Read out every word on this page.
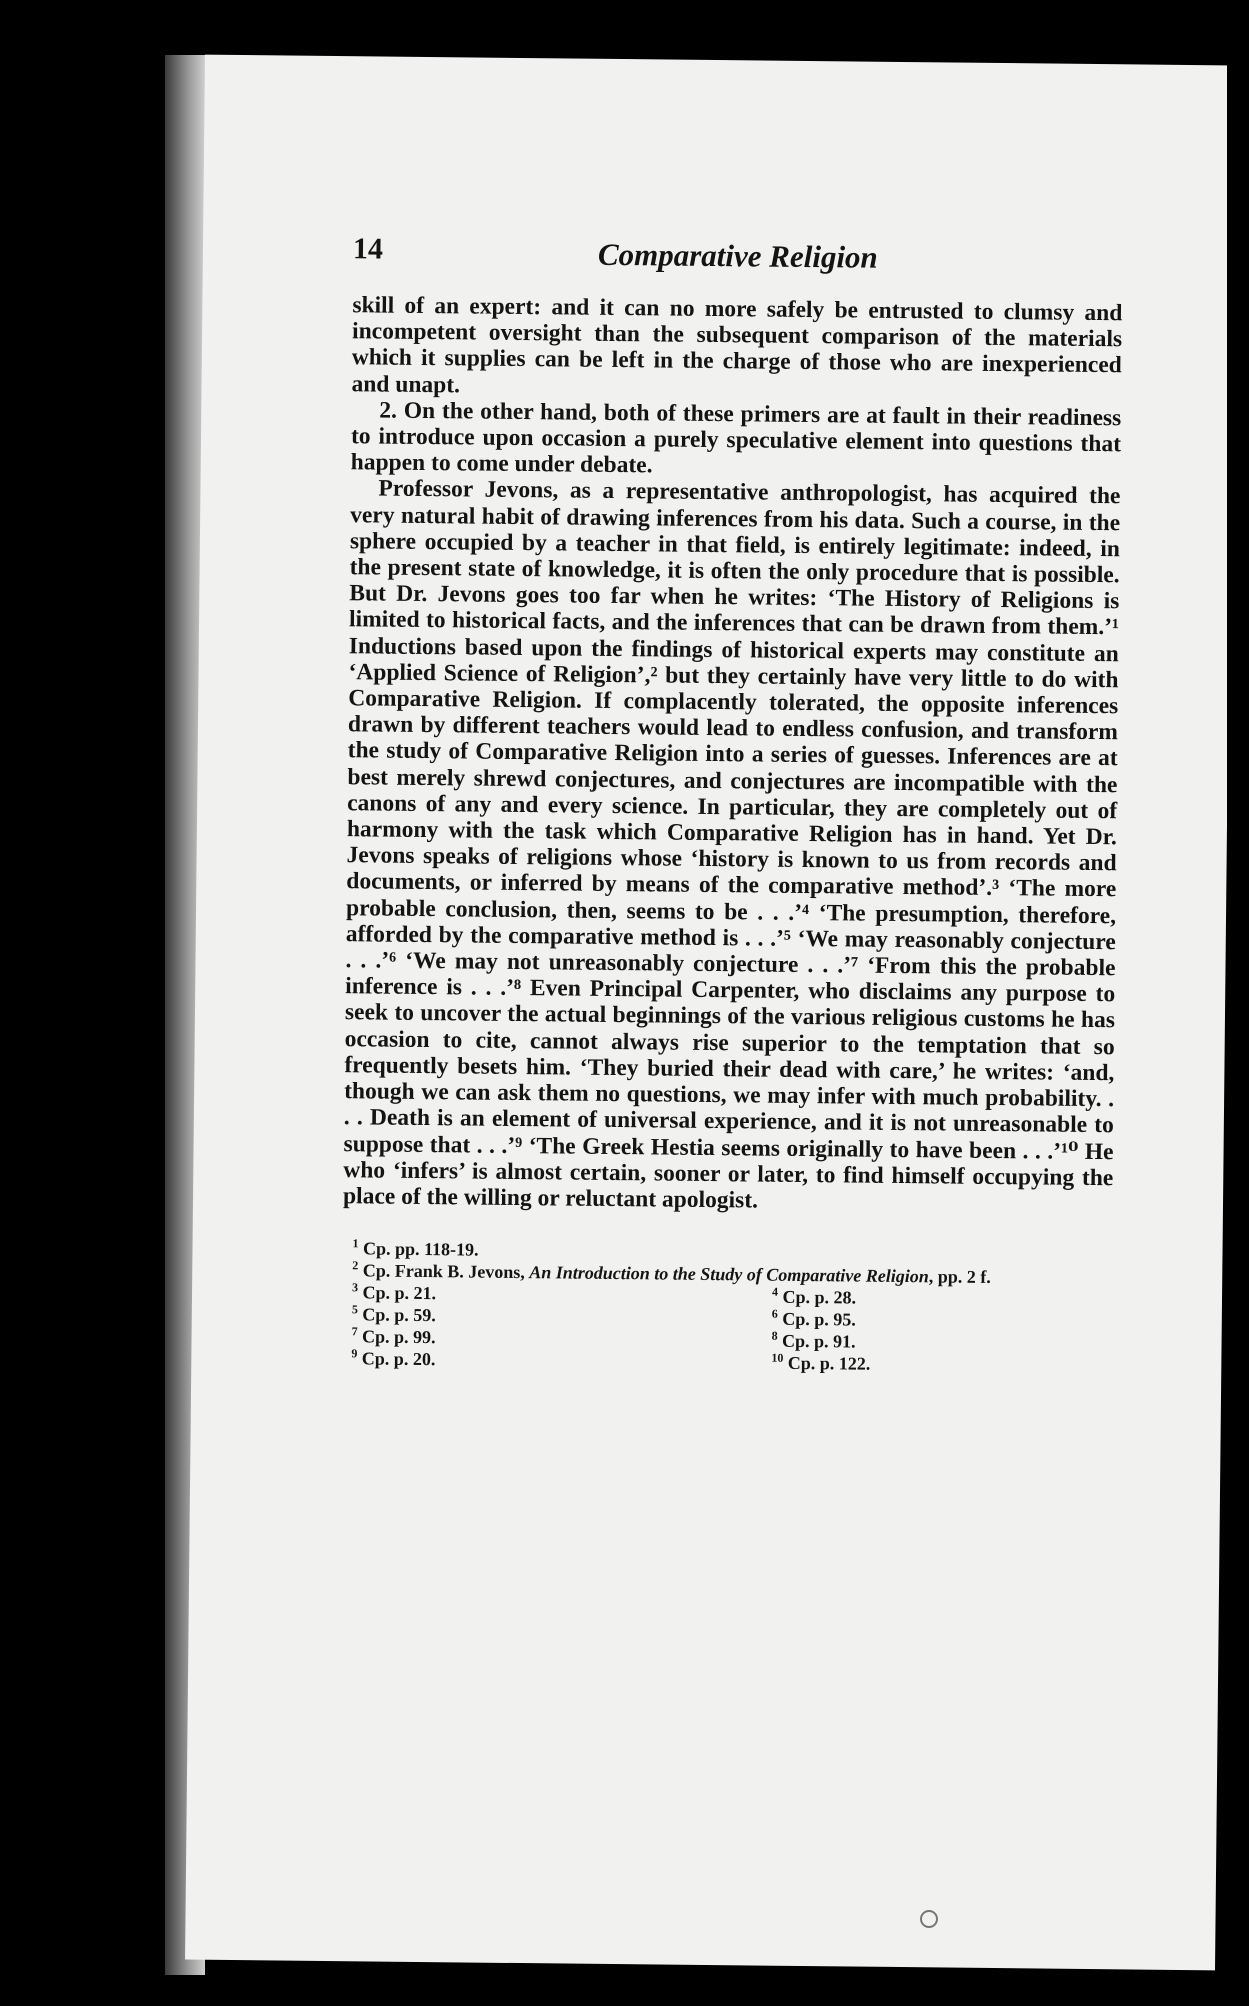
14	Comparative Religion

skill of an expert: and it can no more safely be entrusted to clumsy and incompetent oversight than the subsequent comparison of the materials which it supplies can be left in the charge of those who are inexperienced and unapt.

2. On the other hand, both of these primers are at fault in their readiness to introduce upon occasion a purely speculative element into questions that happen to come under debate.

Professor Jevons, as a representative anthropologist, has acquired the very natural habit of drawing inferences from his data. Such a course, in the sphere occupied by a teacher in that field, is entirely legitimate: indeed, in the present state of knowledge, it is often the only procedure that is possible. But Dr. Jevons goes too far when he writes: ‘The History of Religions is limited to historical facts, and the inferences that can be drawn from them.’¹ Inductions based upon the findings of historical experts may constitute an ‘Applied Science of Religion’,² but they certainly have very little to do with Comparative Religion. If complacently tolerated, the opposite inferences drawn by different teachers would lead to endless confusion, and transform the study of Comparative Religion into a series of guesses. Inferences are at best merely shrewd conjectures, and conjectures are incompatible with the canons of any and every science. In particular, they are completely out of harmony with the task which Comparative Religion has in hand. Yet Dr. Jevons speaks of religions whose ‘history is known to us from records and documents, or inferred by means of the comparative method’.³ ‘The more probable conclusion, then, seems to be . . .’⁴ ‘The presumption, therefore, afforded by the comparative method is . . .’⁵ ‘We may reasonably conjecture . . .’⁶ ‘We may not unreasonably conjecture . . .’⁷ ‘From this the probable inference is . . .’⁸ Even Principal Carpenter, who disclaims any purpose to seek to uncover the actual beginnings of the various religious customs he has occasion to cite, cannot always rise superior to the temptation that so frequently besets him. ‘They buried their dead with care,’ he writes: ‘and, though we can ask them no questions, we may infer with much probability. . . . Death is an element of universal experience, and it is not unreasonable to suppose that . . .’⁹ ‘The Greek Hestia seems originally to have been . . .’¹⁰ He who ‘infers’ is almost certain, sooner or later, to find himself occupying the place of the willing or reluctant apologist.

$^1$ Cp. pp. 118-19.
$^2$ Cp. Frank B. Jevons, An Introduction to the Study of Comparative Religion, pp. 2 f.
$^3$ Cp. p. 21.	$^4$ Cp. p. 28.
$^5$ Cp. p. 59.	$^6$ Cp. p. 95.
$^7$ Cp. p. 99.	$^8$ Cp. p. 91.
$^9$ Cp. p. 20.	$^{10}$ Cp. p. 122.
